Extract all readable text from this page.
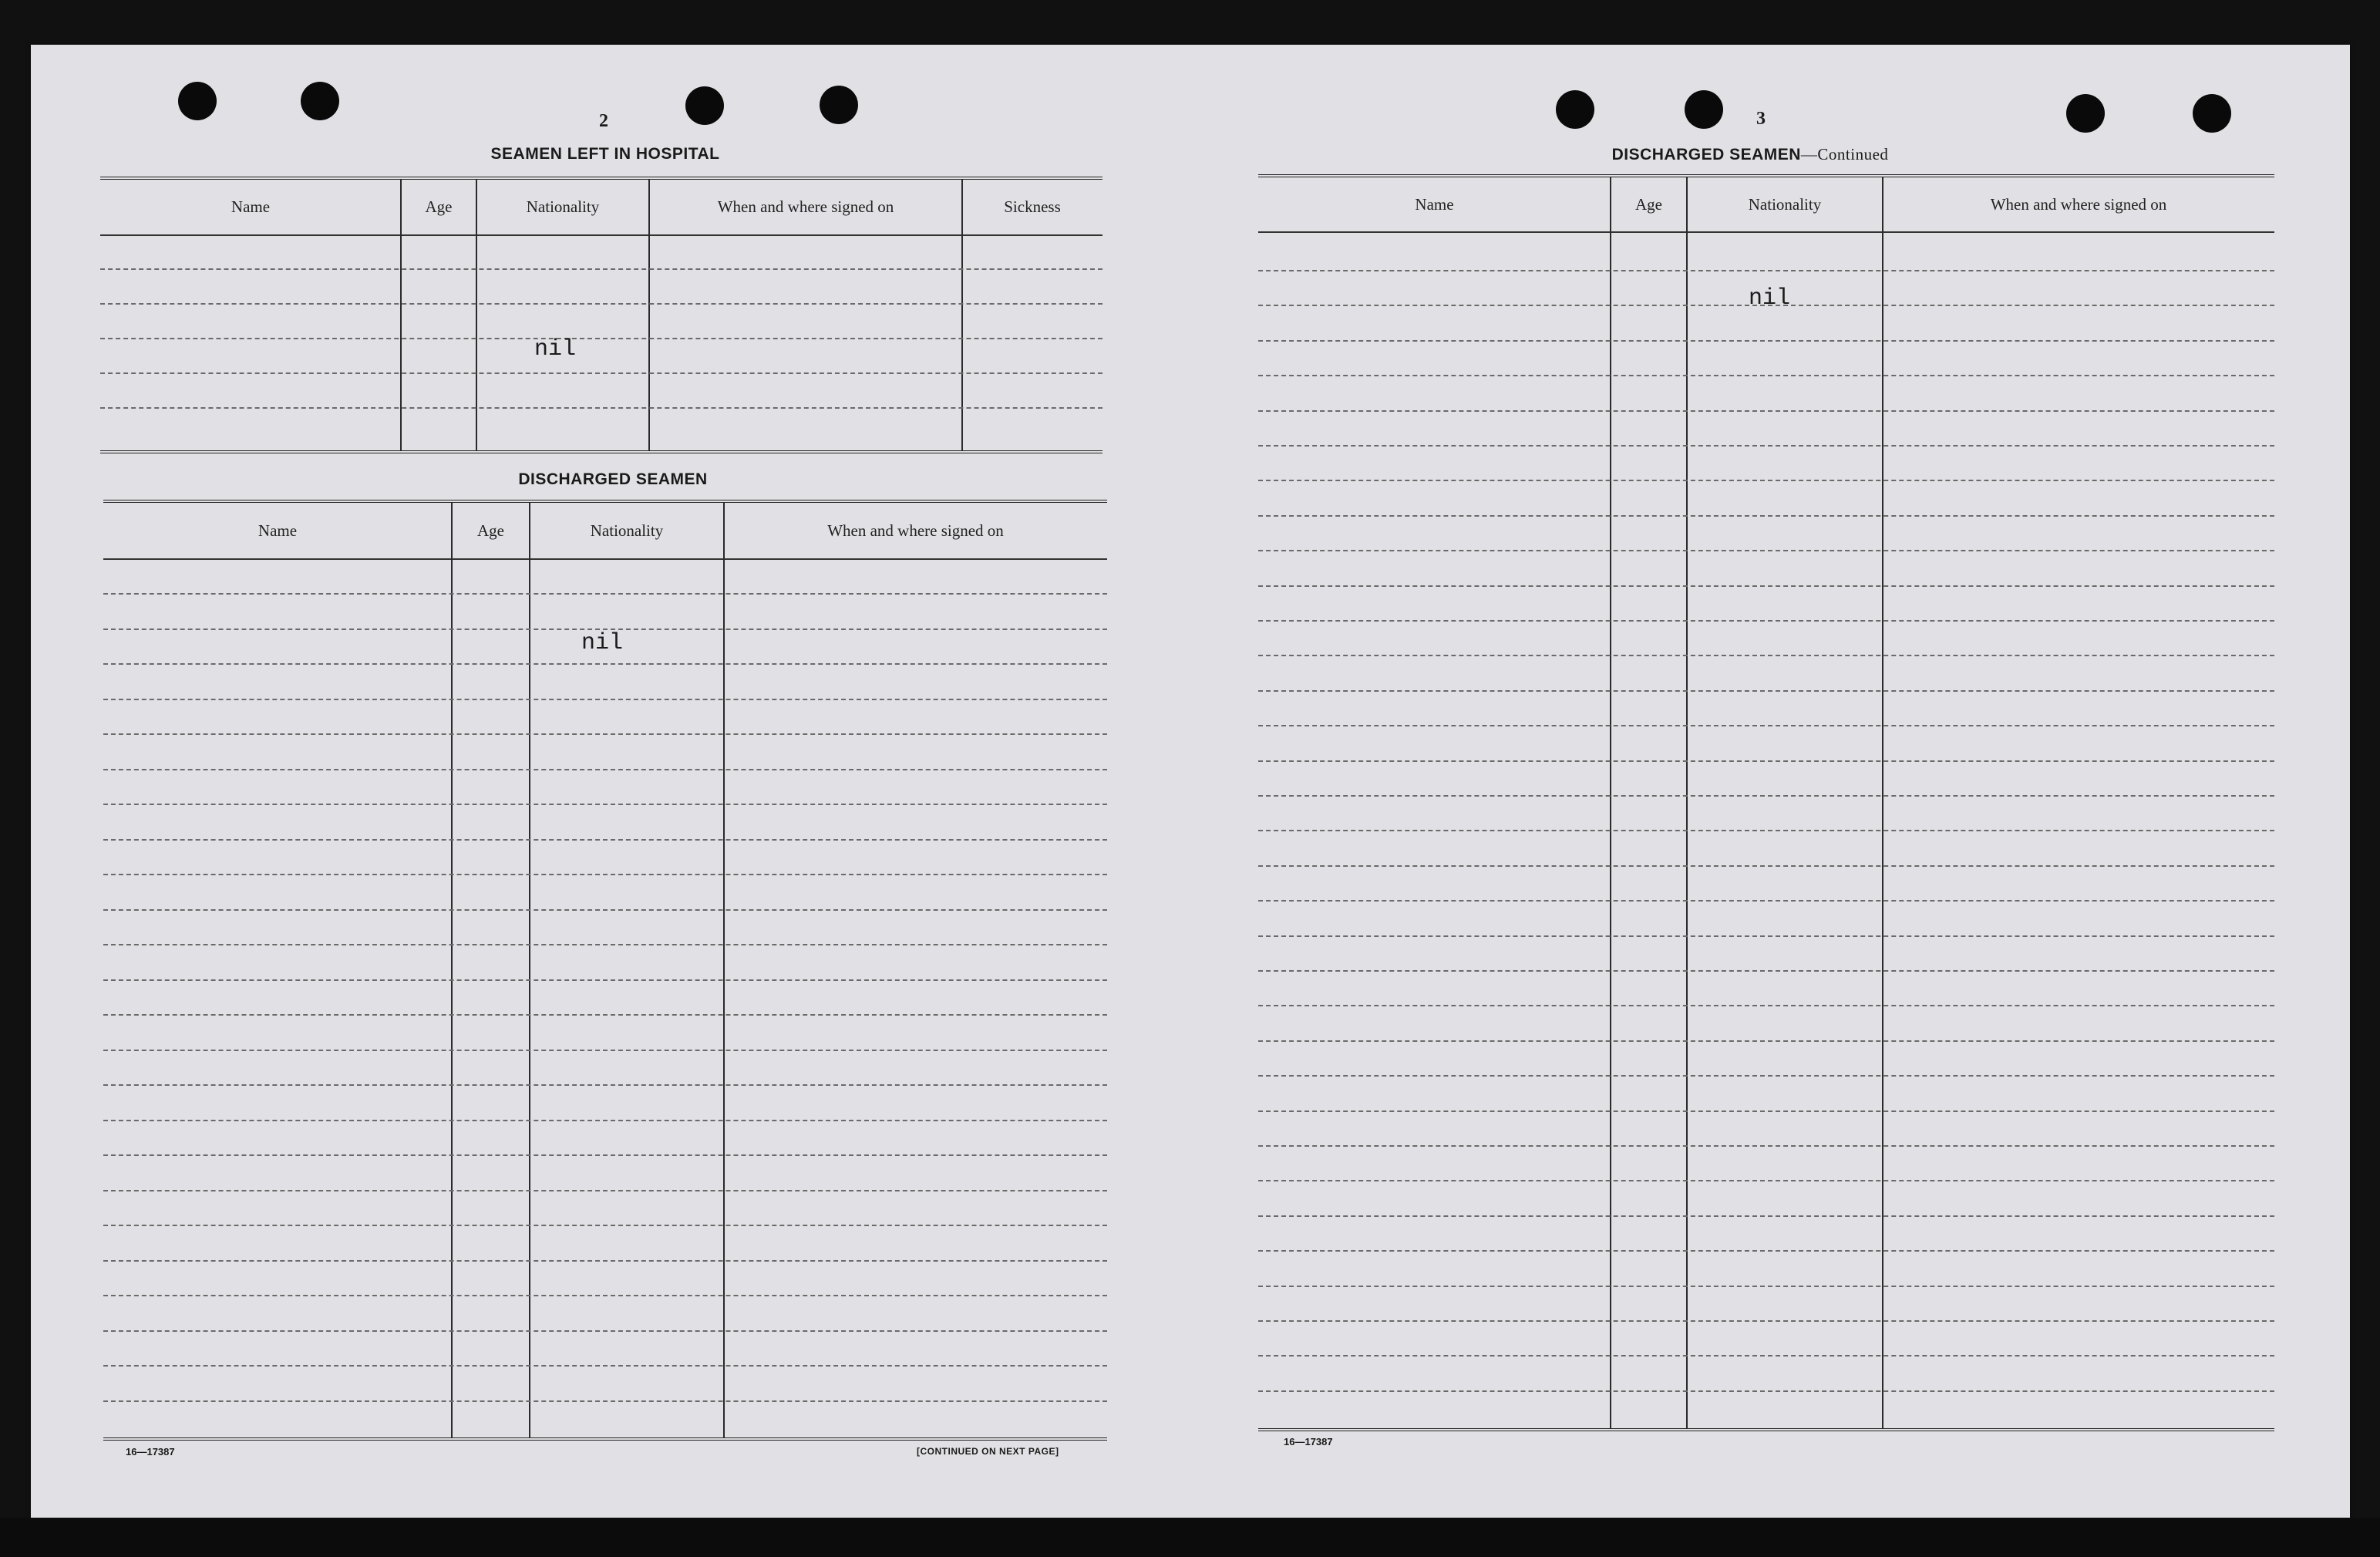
2
SEAMEN LEFT IN HOSPITAL
Name	Age	Nationality	When and where signed on	Sickness
nil
DISCHARGED SEAMEN
Name	Age	Nationality	When and where signed on
nil
16—17387	[CONTINUED ON NEXT PAGE]
3
DISCHARGED SEAMEN—Continued
Name	Age	Nationality	When and where signed on
nil
16—17387
